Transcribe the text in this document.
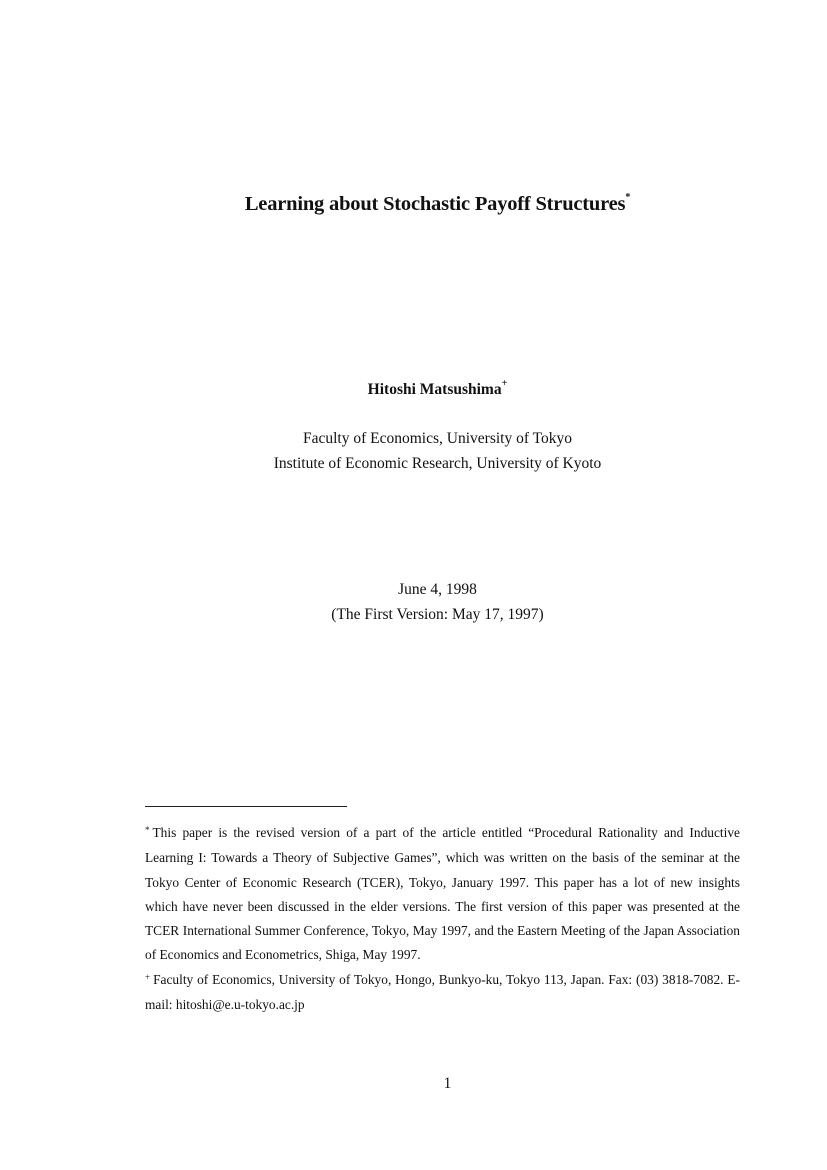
Learning about Stochastic Payoff Structures*
Hitoshi Matsushima+
Faculty of Economics, University of Tokyo
Institute of Economic Research, University of Kyoto
June 4, 1998
(The First Version: May 17, 1997)

* This paper is the revised version of a part of the article entitled “Procedural Rationality and Inductive Learning I: Towards a Theory of Subjective Games”, which was written on the basis of the seminar at the Tokyo Center of Economic Research (TCER), Tokyo, January 1997. This paper has a lot of new insights which have never been discussed in the elder versions. The first version of this paper was presented at the TCER International Summer Conference, Tokyo, May 1997, and the Eastern Meeting of the Japan Association of Economics and Econometrics, Shiga, May 1997.

+ Faculty of Economics, University of Tokyo, Hongo, Bunkyo-ku, Tokyo 113, Japan. Fax: (03) 3818-7082. E-mail: hitoshi@e.u-tokyo.ac.jp

1
